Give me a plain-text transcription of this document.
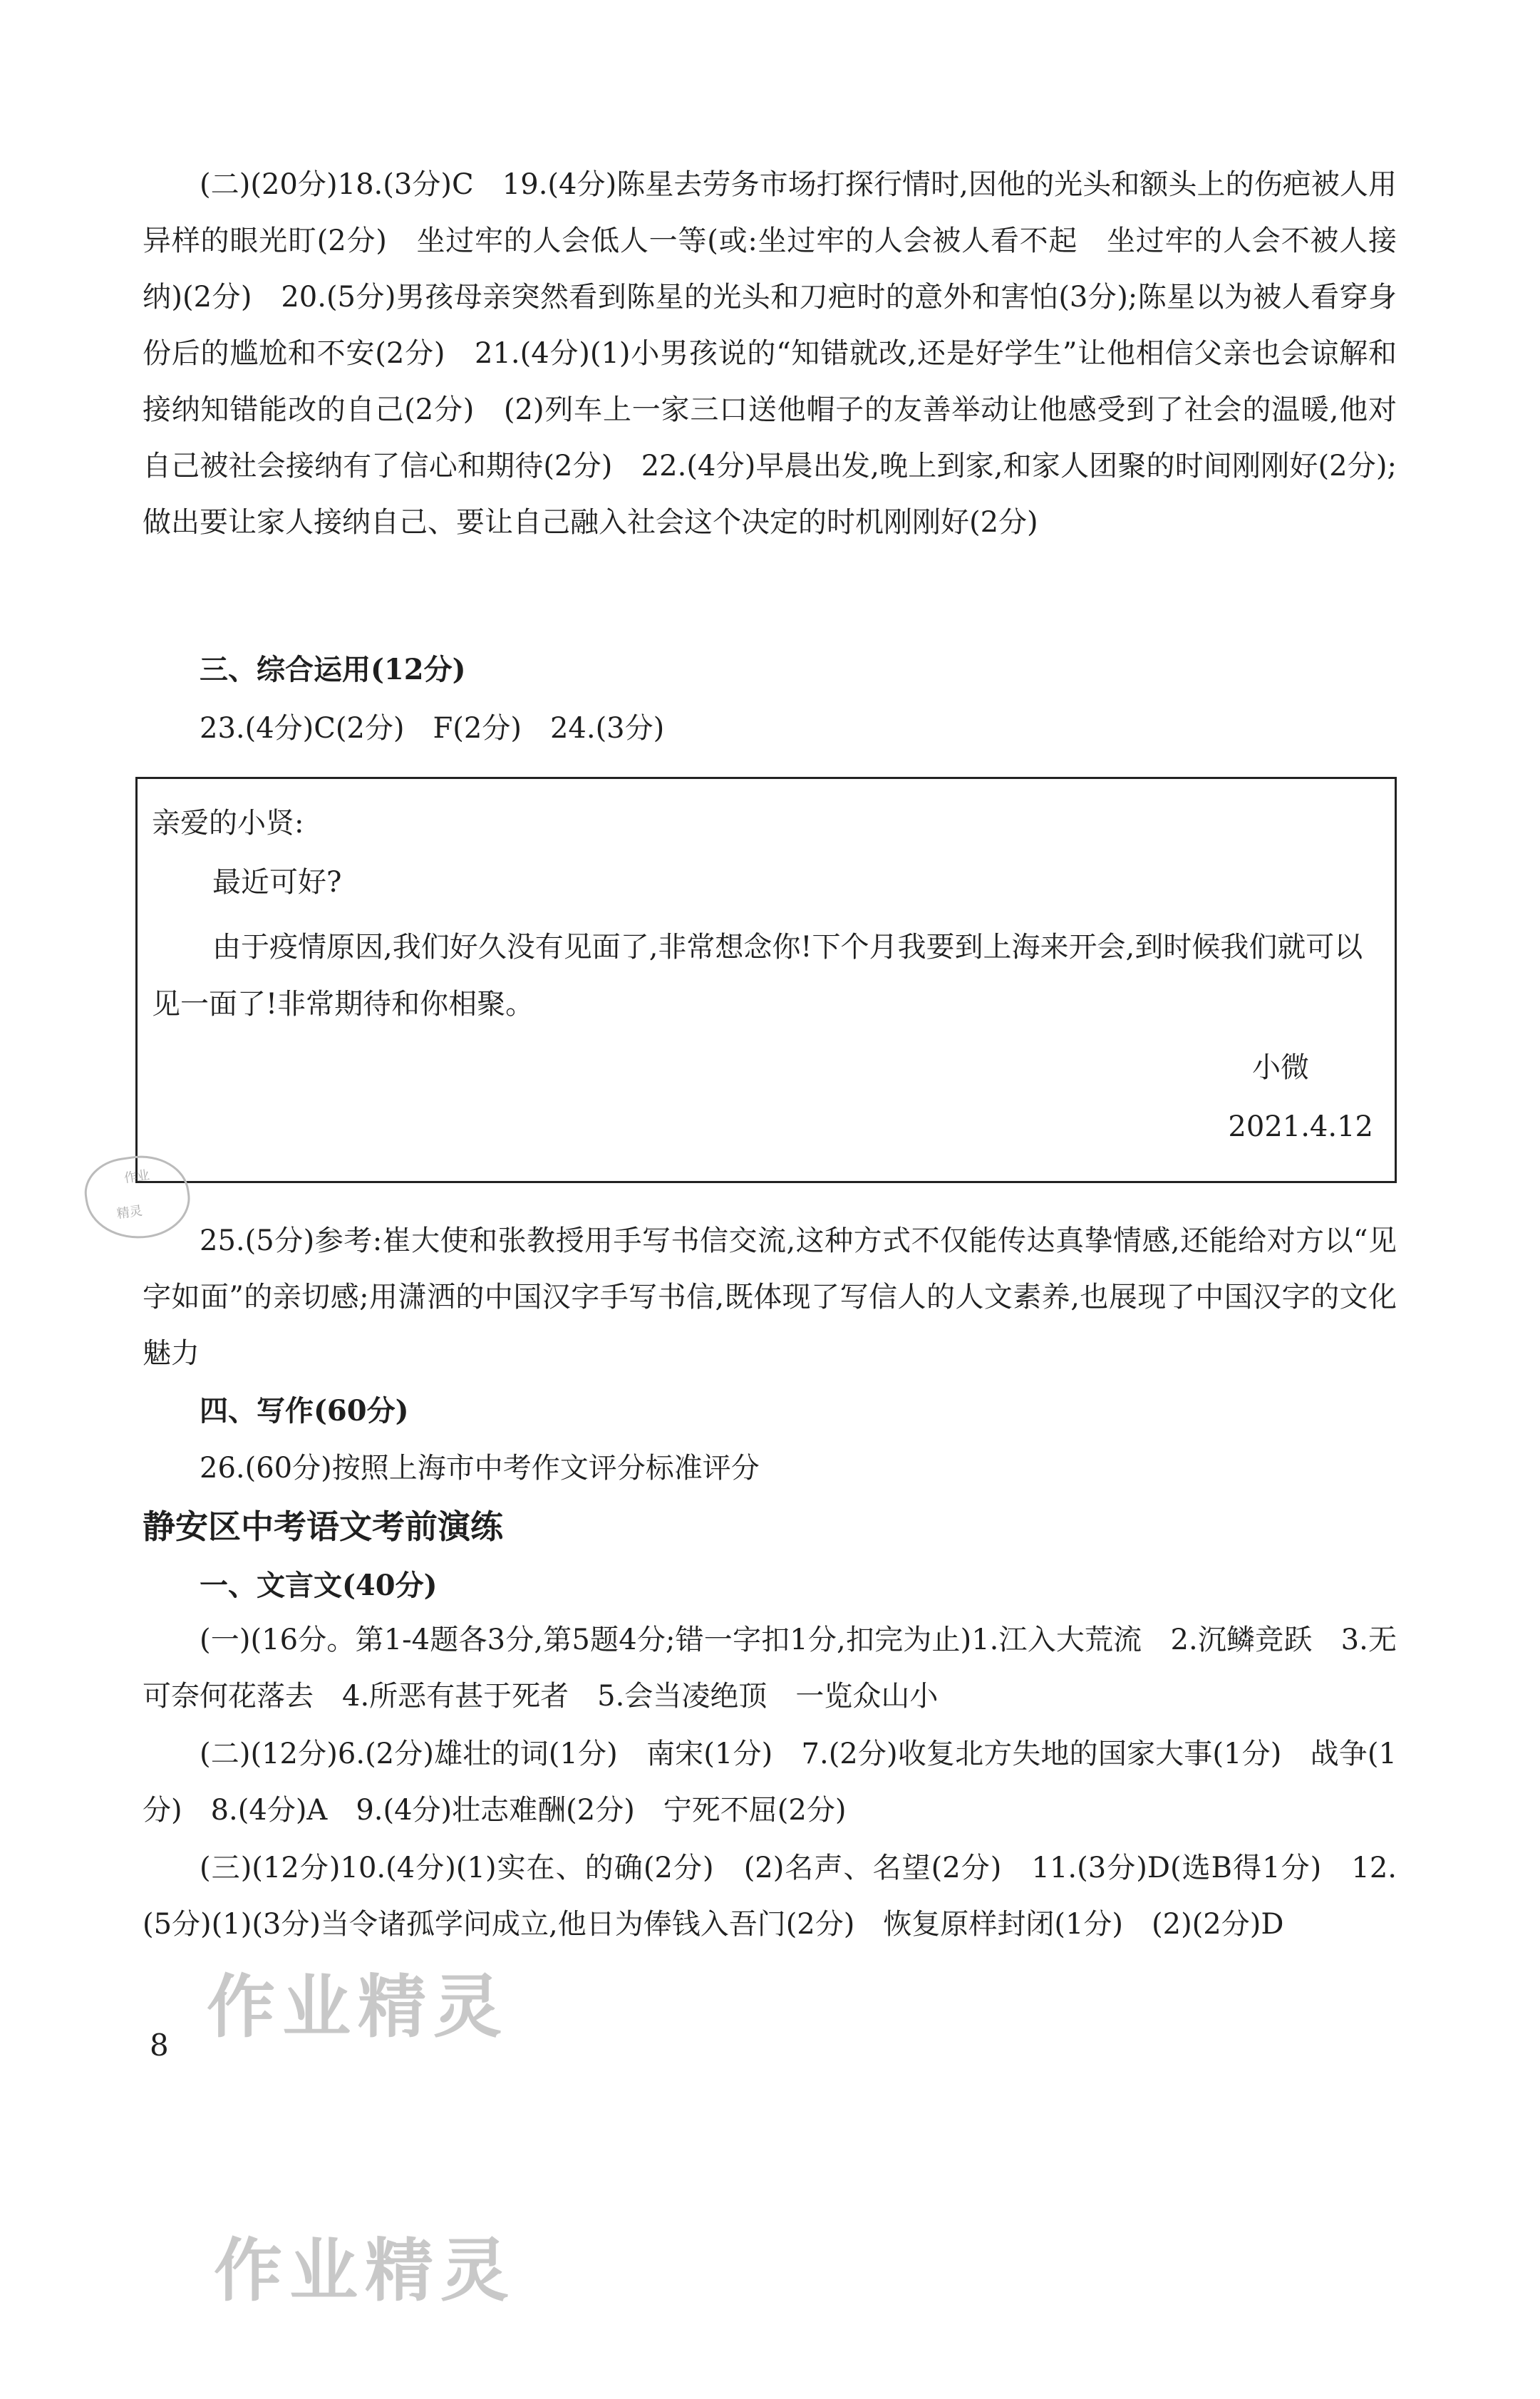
(二)(20分)18.(3分)C　19.(4分)陈星去劳务市场打探行情时,因他的光头和额头上的伤疤被人用异样的眼光盯(2分)　坐过牢的人会低人一等(或:坐过牢的人会被人看不起　坐过牢的人会不被人接纳)(2分)　20.(5分)男孩母亲突然看到陈星的光头和刀疤时的意外和害怕(3分);陈星以为被人看穿身份后的尴尬和不安(2分)　21.(4分)(1)小男孩说的“知错就改,还是好学生”让他相信父亲也会谅解和接纳知错能改的自己(2分)　(2)列车上一家三口送他帽子的友善举动让他感受到了社会的温暖,他对自己被社会接纳有了信心和期待(2分)　22.(4分)早晨出发,晚上到家,和家人团聚的时间刚刚好(2分);做出要让家人接纳自己、要让自己融入社会这个决定的时机刚刚好(2分)

三、综合运用(12分)

23.(4分)C(2分)　F(2分)　24.(3分)

亲爱的小贤:

最近可好?

由于疫情原因,我们好久没有见面了,非常想念你!下个月我要到上海来开会,到时候我们就可以见一面了!非常期待和你相聚。

小微

2021.4.12

作业
精灵

25.(5分)参考:崔大使和张教授用手写书信交流,这种方式不仅能传达真挚情感,还能给对方以“见字如面”的亲切感;用潇洒的中国汉字手写书信,既体现了写信人的人文素养,也展现了中国汉字的文化魅力

四、写作(60分)

26.(60分)按照上海市中考作文评分标准评分

静安区中考语文考前演练

一、文言文(40分)

(一)(16分。第1-4题各3分,第5题4分;错一字扣1分,扣完为止)1.江入大荒流　2.沉鳞竞跃　3.无可奈何花落去　4.所恶有甚于死者　5.会当凌绝顶　一览众山小

(二)(12分)6.(2分)雄壮的词(1分)　南宋(1分)　7.(2分)收复北方失地的国家大事(1分)　战争(1分)　8.(4分)A　9.(4分)壮志难酬(2分)　宁死不屈(2分)

(三)(12分)10.(4分)(1)实在、的确(2分)　(2)名声、名望(2分)　11.(3分)D(选B得1分)　12.(5分)(1)(3分)当令诸孤学问成立,他日为俸钱入吾门(2分)　恢复原样封闭(1分)　(2)(2分)D

8 作业精灵
作业精灵
